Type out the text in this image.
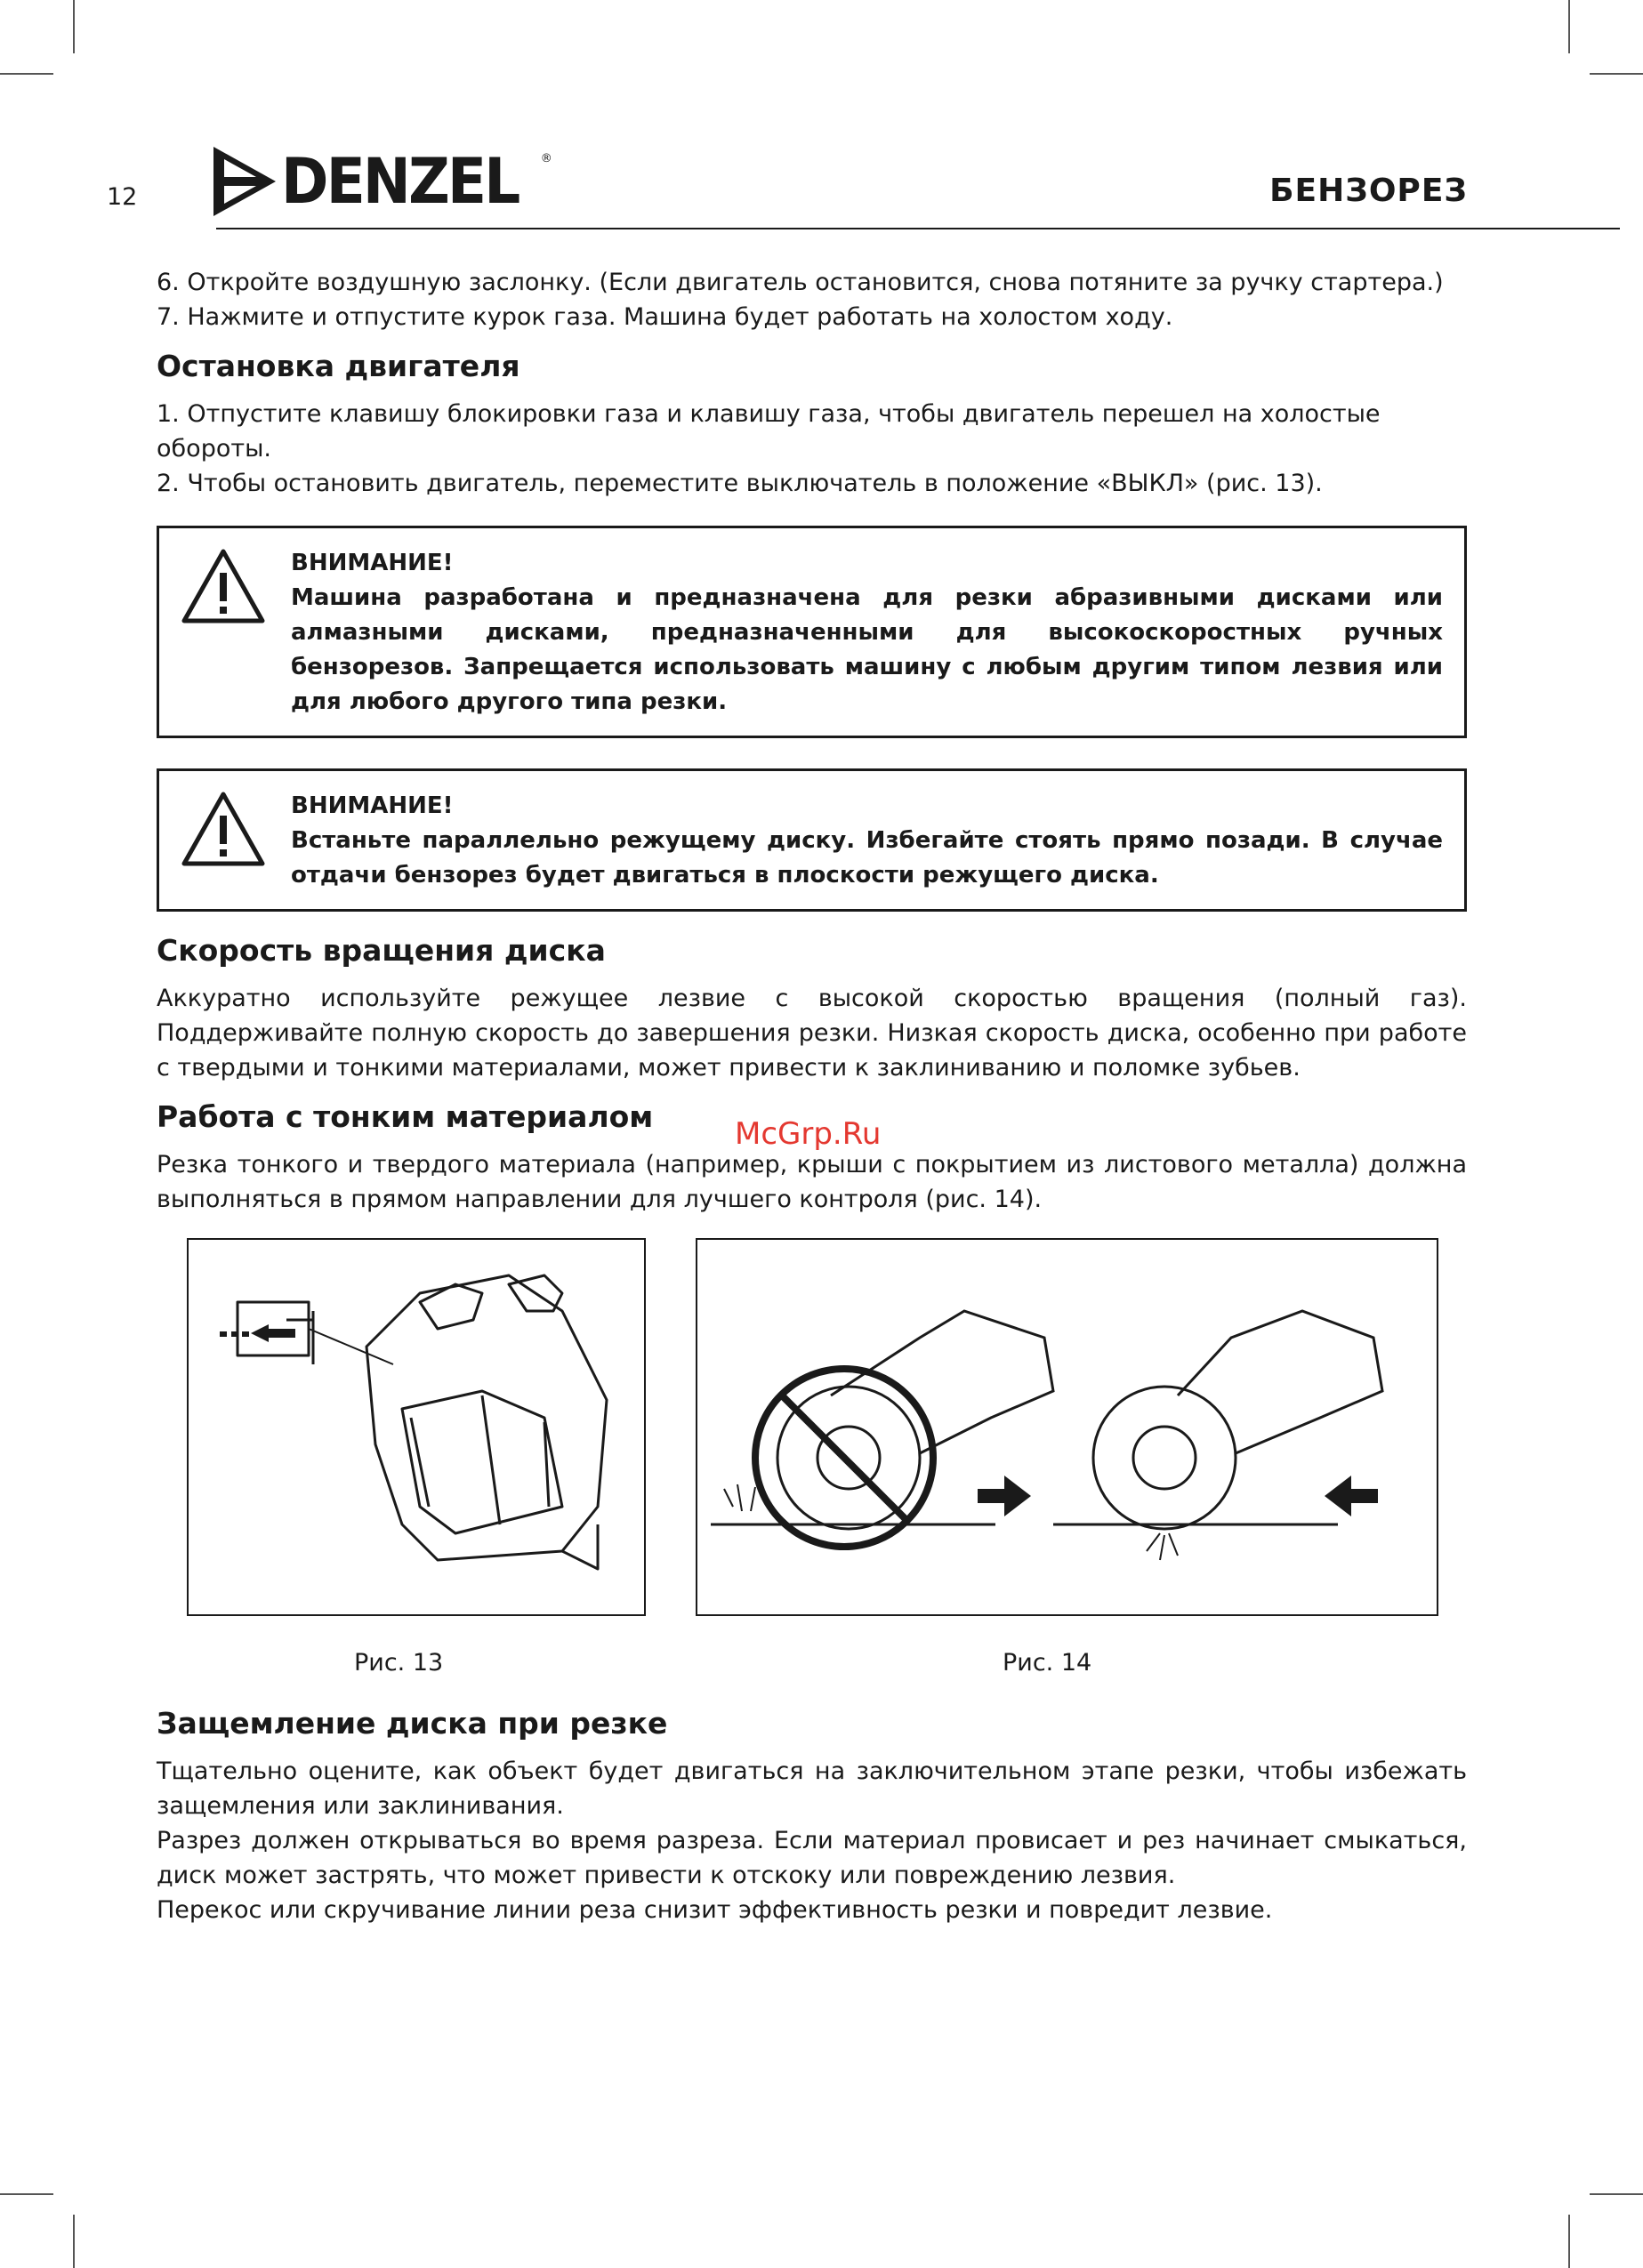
12 DENZEL ®
БЕНЗОРЕЗ
McGrp.Ru

6. Откройте воздушную заслонку. (Если двигатель остановится, снова потяните за ручку стартера.)

7. Нажмите и отпустите курок газа. Машина будет работать на холостом ходу.

Остановка двигателя

1. Отпустите клавишу блокировки газа и клавишу газа, чтобы двигатель перешел на холостые обороты.

2. Чтобы остановить двигатель, переместите выключатель в положение «ВЫКЛ» (рис. 13).

ВНИМАНИЕ!
Машина разработана и предназначена для резки абразивными дисками или алмазными дисками, предназначенными для высокоскоростных ручных бензорезов. Запрещается использовать машину с любым другим типом лезвия или для любого другого типа резки.
ВНИМАНИЕ!
Встаньте параллельно режущему диску. Избегайте стоять прямо позади. В случае отдачи бензорез будет двигаться в плоскости режущего диска.
Скорость вращения диска

Аккуратно используйте режущее лезвие с высокой скоростью вращения (полный газ). Поддерживайте полную скорость до завершения резки. Низкая скорость диска, особенно при работе с твердыми и тонкими материалами, может привести к заклиниванию и поломке зубьев.

Работа с тонким материалом

Резка тонкого и твердого материала (например, крыши с покрытием из листового металла) должна выполняться в прямом направлении для лучшего контроля (рис. 14).

Рис. 13	Рис. 14
Защемление диска при резке

Тщательно оцените, как объект будет двигаться на заключительном этапе резки, чтобы избежать защемления или заклинивания.

Разрез должен открываться во время разреза. Если материал провисает и рез начинает смыкаться, диск может застрять, что может привести к отскоку или повреждению лезвия.

Перекос или скручивание линии реза снизит эффективность резки и повредит лезвие.
